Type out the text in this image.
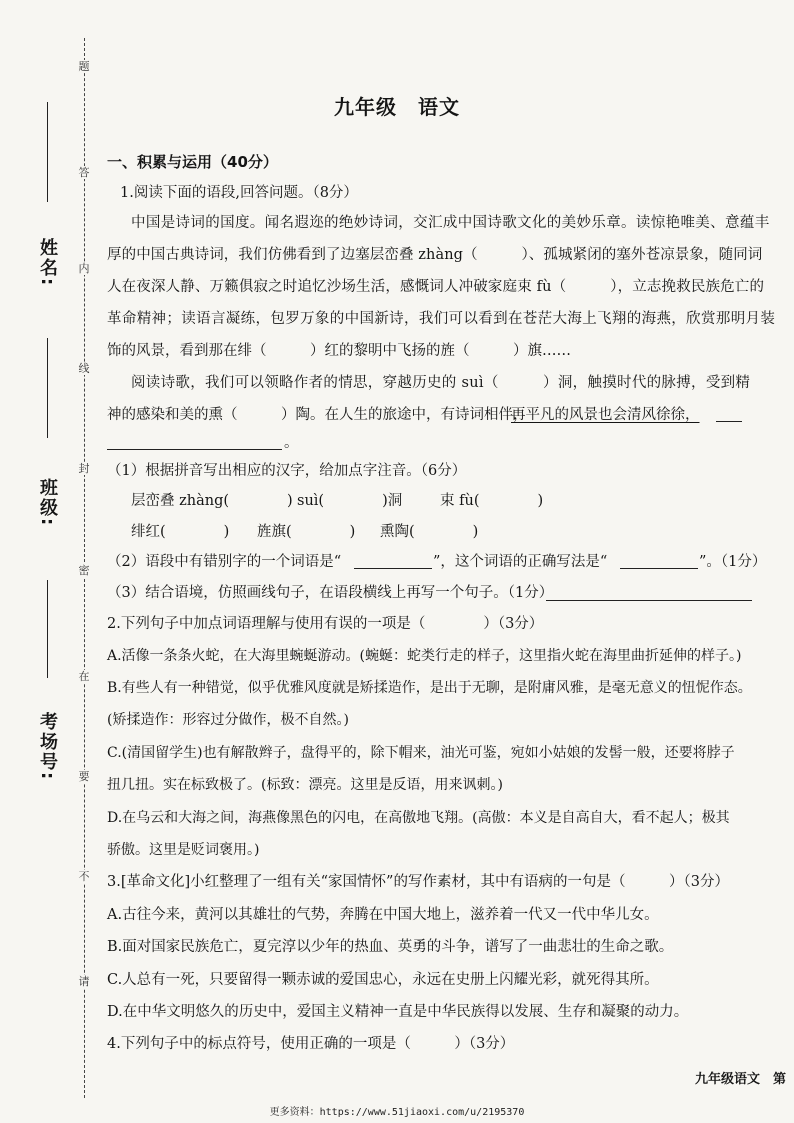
题
答
内
线
封
密
在
要
不
请
姓名:
班级:
考场号:
九年级　语文
一、积累与运用（40分）
1.阅读下面的语段,回答问题。（8分）
中国是诗词的国度。闻名遐迩的绝妙诗词，交汇成中国诗歌文化的美妙乐章。读惊艳唯美、意蕴丰
厚的中国古典诗词，我们仿佛看到了边塞层峦叠 zhàng（　　　）、孤城紧闭的塞外苍凉景象，随同词
人在夜深人静、万籁俱寂之时追忆沙场生活，感慨词人冲破家庭束 fù（　　　），立志挽救民族危亡的
革命精神；读语言凝练，包罗万象的中国新诗，我们可以看到在苍茫大海上飞翔的海燕，欣赏那明月装
饰的风景，看到那在绯（　　　）红的黎明中飞扬的旌（　　　）旗……
阅读诗歌，我们可以领略作者的情思，穿越历史的 suì（　　　）洞，触摸时代的脉搏，受到精
神的感染和美的熏（　　　）陶。在人生的旅途中，有诗词相伴，
再平凡的风景也会清风徐徐，
。
（1）根据拼音写出相应的汉字，给加点字注音。（6分）
层峦叠 zhàng(　　　　) suì(　　　　)洞	束 fù(　　　　)
绯红(　　　　) 旌旗(　　　　) 熏陶(　　　　)
（2）语段中有错别字的一个词语是“	”，这个词语的正确写法是“	”。（1分）
（3）结合语境，仿照画线句子，在语段横线上再写一个句子。（1分）
2.下列句子中加点词语理解与使用有误的一项是（　　　　）（3分）
A.活像一条条火蛇，在大海里蜿蜒游动。(蜿蜒：蛇类行走的样子，这里指火蛇在海里曲折延伸的样子。)
B.有些人有一种错觉，似乎优雅风度就是矫揉造作，是出于无聊，是附庸风雅，是毫无意义的忸怩作态。
(矫揉造作：形容过分做作，极不自然。)
C.(清国留学生)也有解散辫子，盘得平的，除下帽来，油光可鉴，宛如小姑娘的发髻一般，还要将脖子
扭几扭。实在标致极了。(标致：漂亮。这里是反语，用来讽刺。)
D.在乌云和大海之间，海燕像黑色的闪电，在高傲地飞翔。(高傲：本义是自高自大，看不起人；极其
骄傲。这里是贬词褒用。)
3.[革命文化]小红整理了一组有关“家国情怀”的写作素材，其中有语病的一句是（　　　）（3分）
A.古往今来，黄河以其雄壮的气势，奔腾在中国大地上，滋养着一代又一代中华儿女。
B.面对国家民族危亡，夏完淳以少年的热血、英勇的斗争，谱写了一曲悲壮的生命之歌。
C.人总有一死，只要留得一颗赤诚的爱国忠心，永远在史册上闪耀光彩，就死得其所。
D.在中华文明悠久的历史中，爱国主义精神一直是中华民族得以发展、生存和凝聚的动力。
4.下列句子中的标点符号，使用正确的一项是（　　　）（3分）
九年级语文　第
更多资料：https://www.51jiaoxi.com/u/2195370
